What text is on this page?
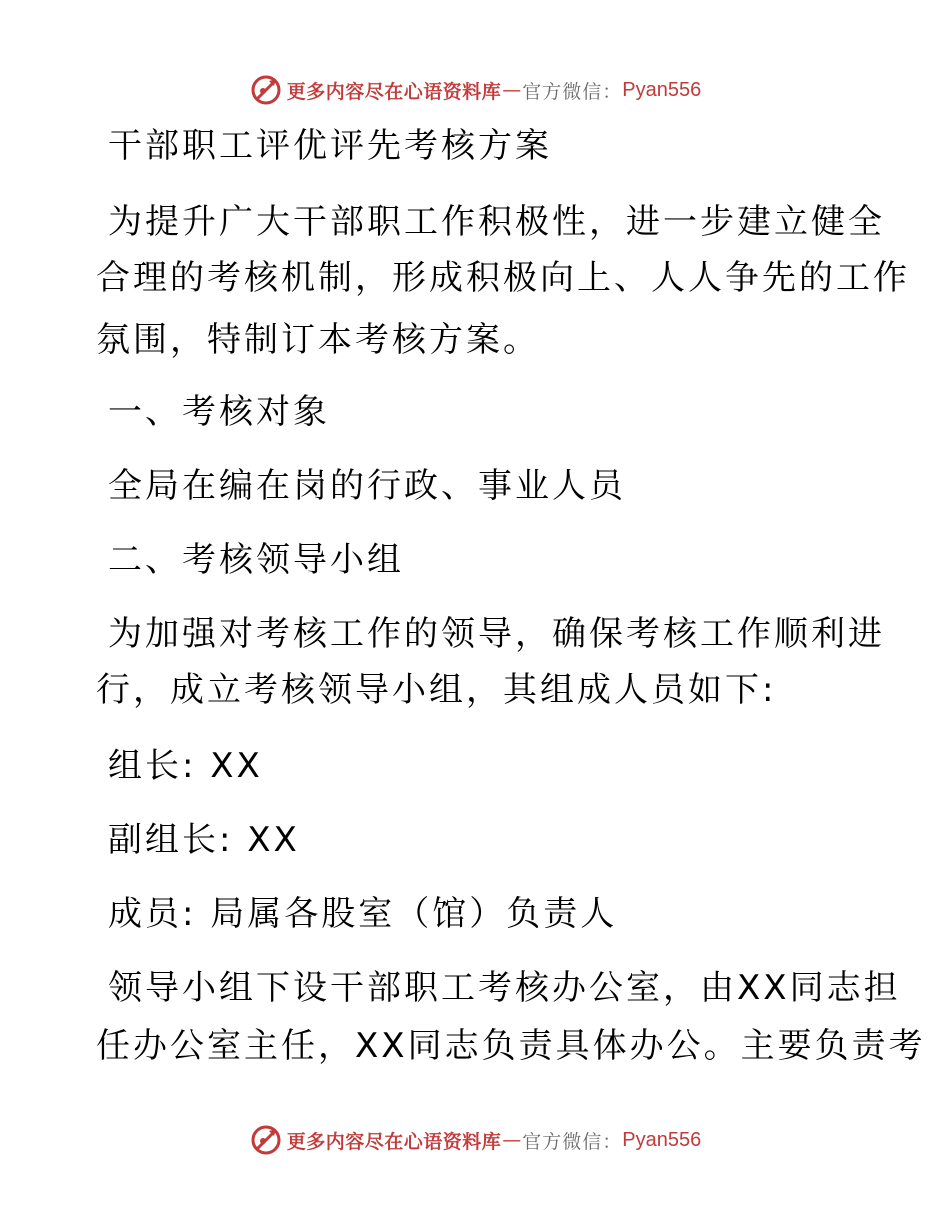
更多内容尽在心语资料库 — 官方微信： Pyan556
干部职工评优评先考核方案
为提升广大干部职工作积极性，进一步建立健全
合理的考核机制，形成积极向上、人人争先的工作
氛围，特制订本考核方案。
一、考核对象
全局在编在岗的行政、事业人员
二、考核领导小组
为加强对考核工作的领导，确保考核工作顺利进
行，成立考核领导小组，其组成人员如下:
组长: XX
副组长: XX
成员: 局属各股室（馆）负责人
领导小组下设干部职工考核办公室，由XX同志担
任办公室主任，XX同志负责具体办公。主要负责考
更多内容尽在心语资料库 — 官方微信： Pyan556
